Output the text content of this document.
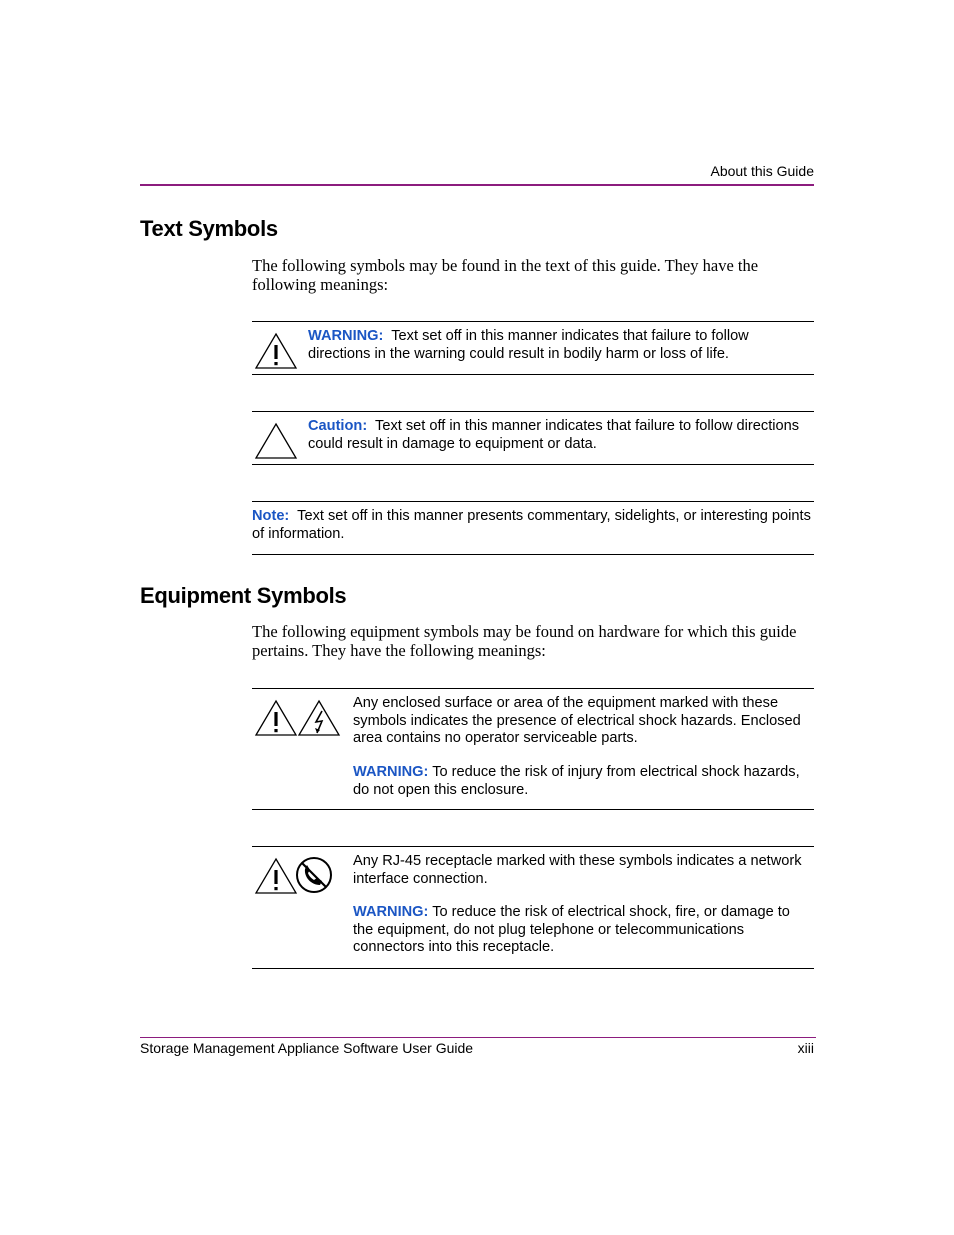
About this Guide
Text Symbols

The following symbols may be found in the text of this guide. They have the following meanings:

WARNING: Text set off in this manner indicates that failure to follow directions in the warning could result in bodily harm or loss of life.
Caution: Text set off in this manner indicates that failure to follow directions could result in damage to equipment or data.
Note: Text set off in this manner presents commentary, sidelights, or interesting points of information.
Equipment Symbols

The following equipment symbols may be found on hardware for which this guide pertains. They have the following meanings:

Any enclosed surface or area of the equipment marked with these symbols indicates the presence of electrical shock hazards. Enclosed area contains no operator serviceable parts.
WARNING: To reduce the risk of injury from electrical shock hazards, do not open this enclosure.
Any RJ-45 receptacle marked with these symbols indicates a network interface connection.
WARNING: To reduce the risk of electrical shock, fire, or damage to the equipment, do not plug telephone or telecommunications connectors into this receptacle.
Storage Management Appliance Software User Guide	xiii
